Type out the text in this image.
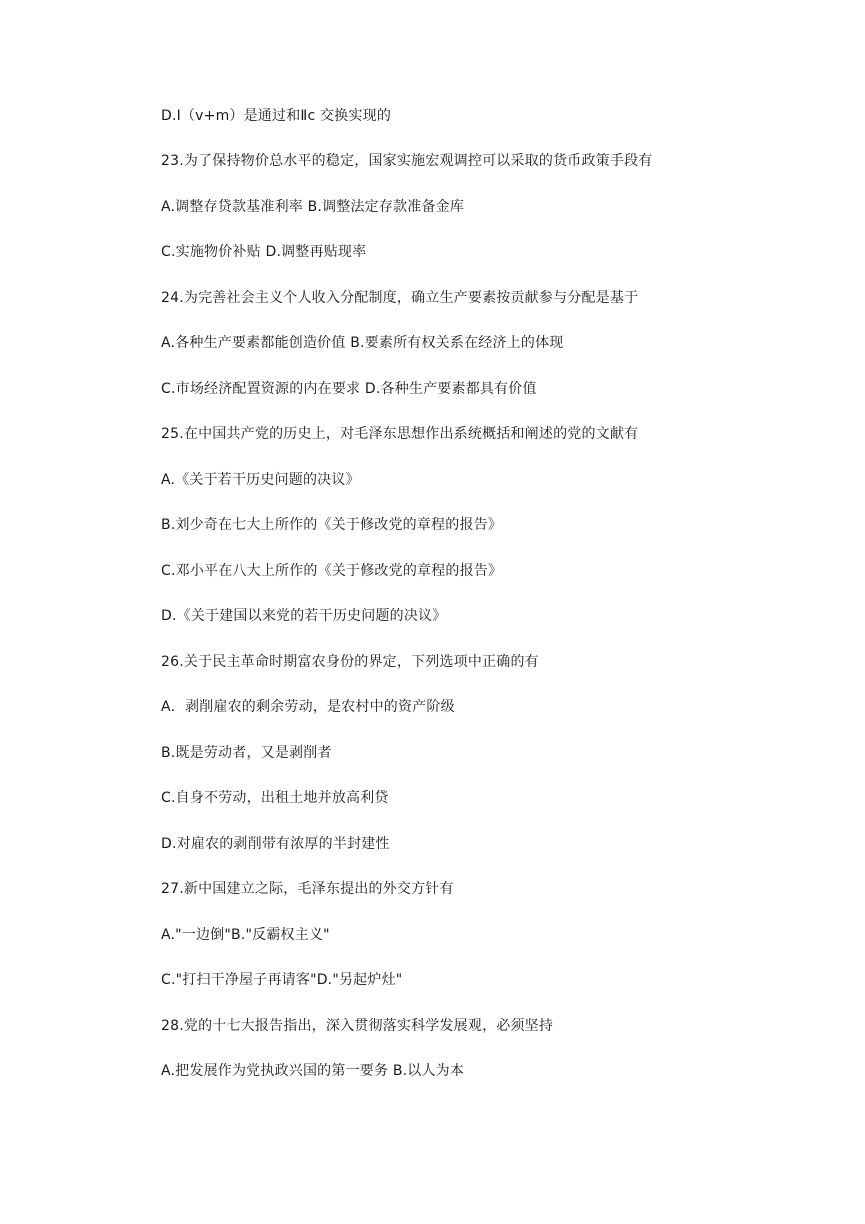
D.Ⅰ（v+m）是通过和Ⅱc 交换实现的
23.为了保持物价总水平的稳定，国家实施宏观调控可以采取的货币政策手段有
A.调整存贷款基准利率 B.调整法定存款准备金库
C.实施物价补贴 D.调整再贴现率
24.为完善社会主义个人收入分配制度，确立生产要素按贡献参与分配是基于
A.各种生产要素都能创造价值 B.要素所有权关系在经济上的体现
C.市场经济配置资源的内在要求 D.各种生产要素都具有价值
25.在中国共产党的历史上，对毛泽东思想作出系统概括和阐述的党的文献有
A.《关于若干历史问题的决议》
B.刘少奇在七大上所作的《关于修改党的章程的报告》
C.邓小平在八大上所作的《关于修改党的章程的报告》
D.《关于建国以来党的若干历史问题的决议》
26.关于民主革命时期富农身份的界定，下列选项中正确的有
A．剥削雇农的剩余劳动，是农村中的资产阶级
B.既是劳动者，又是剥削者
C.自身不劳动，出租土地并放高利贷
D.对雇农的剥削带有浓厚的半封建性
27.新中国建立之际，毛泽东提出的外交方针有
A."一边倒"B."反霸权主义"
C."打扫干净屋子再请客"D."另起炉灶"
28.党的十七大报告指出，深入贯彻落实科学发展观，必须坚持
A.把发展作为党执政兴国的第一要务 B.以人为本
